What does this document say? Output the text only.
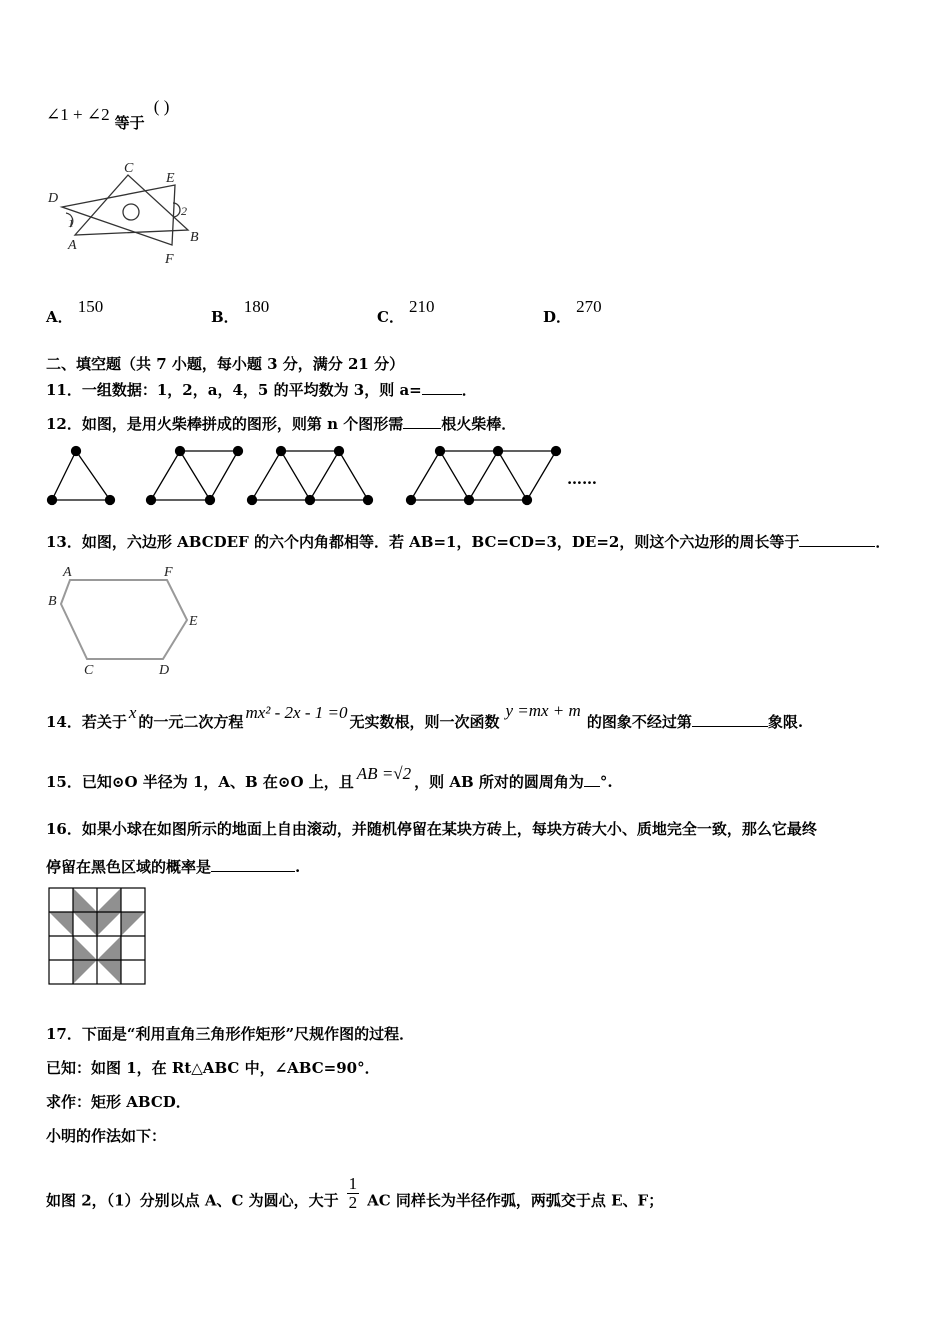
∠1 + ∠2 等于 ( )
C
E
D
1
2
A
B
F
A． 150
B． 180
C． 210
D． 270
二、填空题（共 7 小题，每小题 3 分，满分 21 分）
11．一组数据：1，2，a，4，5 的平均数为 3，则 a=	．
12．如图，是用火柴棒拼成的图形，则第 n 个图形需	根火柴棒．
……
13．如图，六边形 ABCDEF 的六个内角都相等．若 AB=1，BC=CD=3，DE=2，则这个六边形的周长等于	．
A	F
B
E
C	D
14．若关于 x 的一元二次方程 mx² - 2x - 1 =0 无实数根，则一次函数y =mx + m的图象不经过第	象限.
15．已知⊙O 半径为 1，A、B 在⊙O 上，且 AB =√2 ，则 AB 所对的圆周角为 °.
16．如果小球在如图所示的地面上自由滚动，并随机停留在某块方砖上，每块方砖大小、质地完全一致，那么它最终
停留在黑色区域的概率是	.
17．下面是“利用直角三角形作矩形”尺规作图的过程．
已知：如图 1，在 Rt△ABC 中，∠ABC=90°．
求作：矩形 ABCD．
小明的作法如下：
如图 2，（1）分别以点 A、C 为圆心，大于 $\frac{1}{2}$ AC 同样长为半径作弧，两弧交于点 E、F；
